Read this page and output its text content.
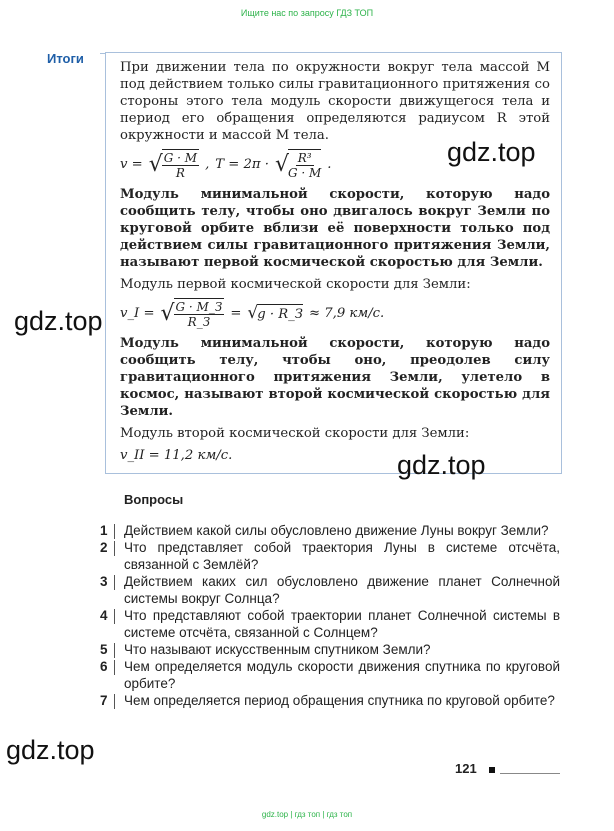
Ищите нас по запросу ГДЗ ТОП
Итоги

При движении тела по окружности вокруг тела массой M под действием только силы гравитационного притяжения со стороны этого тела модуль скорости движущегося тела и период его обращения определяются радиусом R этой окружности и массой M тела.

v = √ $\frac{G \cdot M}{R}$ , T = 2π · √ $\frac{\text{R³}}{G \cdot M}$ .

Модуль минимальной скорости, которую надо сообщить телу, чтобы оно двигалось вокруг Земли по круговой орбите вблизи её поверхности только под действием силы гравитационного притяжения Земли, называют первой космической скоростью для Земли.

Модуль первой космической скорости для Земли:

v_I = √ $\frac{G \cdot M\_З}{R\_З}$ = √ g · R_З ≈ 7,9 км/с.

Модуль минимальной скорости, которую надо сообщить телу, чтобы оно, преодолев силу гравитационного притяжения Земли, улетело в космос, называют второй космической скоростью для Земли.

Модуль второй космической скорости для Земли:

v_II = 11,2 км/с.
gdz.top
gdz.top
gdz.top
gdz.top
Вопросы
1	Действием какой силы обусловлено движение Луны вокруг Земли?
2	Что представляет собой траектория Луны в системе отсчёта, связанной с Землёй?
3	Действием каких сил обусловлено движение планет Солнечной системы вокруг Солнца?
4	Что представляют собой траектории планет Солнечной системы в системе отсчёта, связанной с Солнцем?
5	Что называют искусственным спутником Земли?
6	Чем определяется модуль скорости движения спутника по круговой орбите?
7	Чем определяется период обращения спутника по круговой орбите?
121
gdz.top | гдз топ | гдз топ
